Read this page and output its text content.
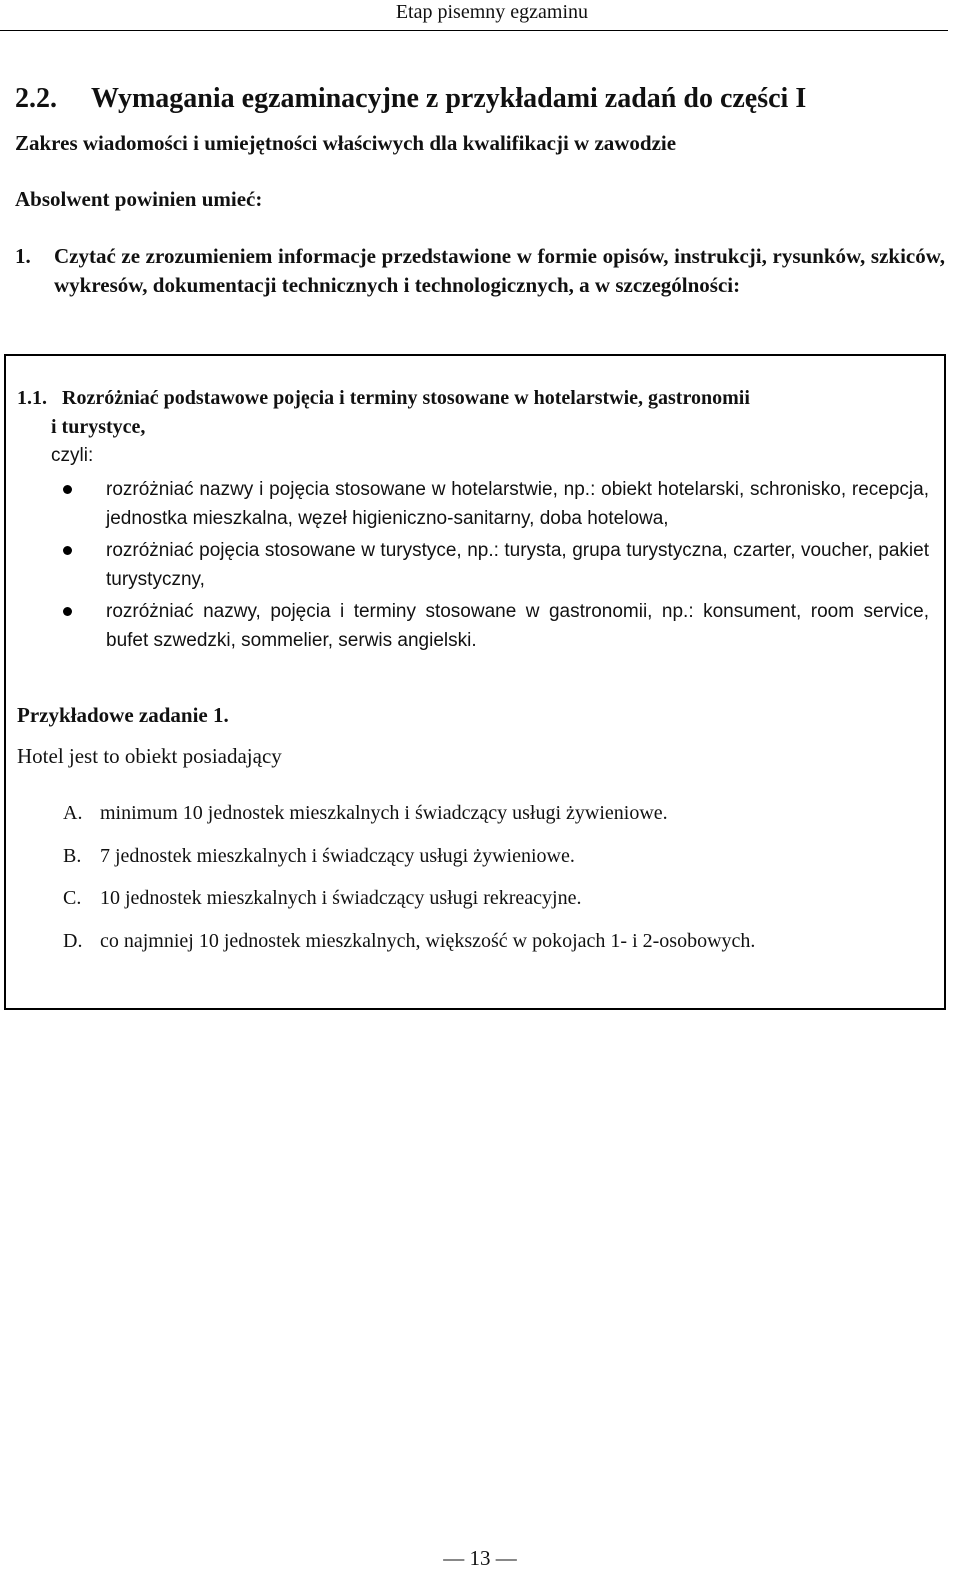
Etap pisemny egzaminu
2.2. Wymagania egzaminacyjne z przykładami zadań do części I
Zakres wiadomości i umiejętności właściwych dla kwalifikacji w zawodzie
Absolwent powinien umieć:
1. Czytać ze zrozumieniem informacje przedstawione w formie opisów, instrukcji, rysunków, szkiców, wykresów, dokumentacji technicznych i technologicznych, a w szczególności:
1.1. Rozróżniać podstawowe pojęcia i terminy stosowane w hotelarstwie, gastronomii
i turystyce,
czyli:
rozróżniać nazwy i pojęcia stosowane w hotelarstwie, np.: obiekt hotelarski, schronisko, recepcja, jednostka mieszkalna, węzeł higieniczno-sanitarny, doba hotelowa,
rozróżniać pojęcia stosowane w turystyce, np.: turysta, grupa turystyczna, czarter, voucher, pakiet turystyczny,
rozróżniać nazwy, pojęcia i terminy stosowane w gastronomii, np.: konsument, room service, bufet szwedzki, sommelier, serwis angielski.
Przykładowe zadanie 1.
Hotel jest to obiekt posiadający
A. minimum 10 jednostek mieszkalnych i świadczący usługi żywieniowe.
B. 7 jednostek mieszkalnych i świadczący usługi żywieniowe.
C. 10 jednostek mieszkalnych i świadczący usługi rekreacyjne.
D. co najmniej 10 jednostek mieszkalnych, większość w pokojach 1- i 2-osobowych.
— 13 —
